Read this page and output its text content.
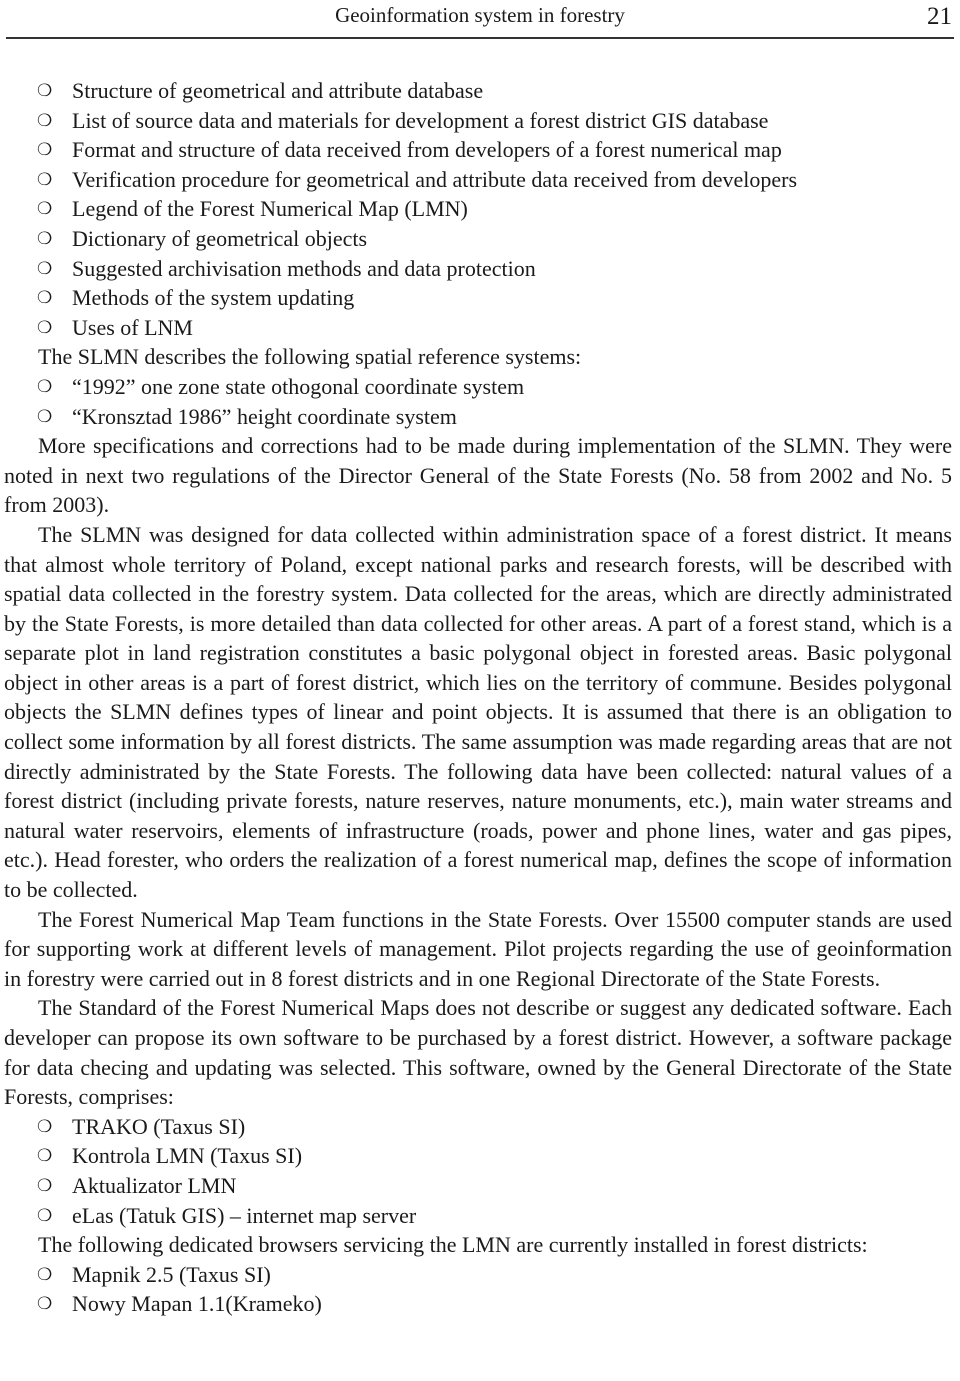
Geoinformation system in forestry	21
❍ Structure of geometrical and attribute database
❍ List of source data and materials for development a forest district GIS database
❍ Format and structure of data received from developers of a forest numerical map
❍ Verification procedure for geometrical and attribute data received from developers
❍ Legend of the Forest Numerical Map (LMN)
❍ Dictionary of geometrical objects
❍ Suggested archivisation methods and data protection
❍ Methods of the system updating
❍ Uses of LNM

The SLMN describes the following spatial reference systems:

❍ “1992” one zone state othogonal coordinate system
❍ “Kronsztad 1986” height coordinate system

More specifications and corrections had to be made during implementation of the SLMN. They were noted in next two regulations of the Director General of the State Forests (No. 58 from 2002 and No. 5 from 2003).

The SLMN was designed for data collected within administration space of a forest district. It means that almost whole territory of Poland, except national parks and research forests, will be described with spatial data collected in the forestry system. Data collected for the areas, which are directly administrated by the State Forests, is more detailed than data collected for other areas. A part of a forest stand, which is a separate plot in land registration constitutes a basic polygonal object in forested areas. Basic polygonal object in other areas is a part of forest district, which lies on the territory of commune. Besides polygonal objects the SLMN defines types of linear and point objects. It is assumed that there is an obligation to collect some information by all forest districts. The same assumption was made regarding areas that are not directly administrated by the State Forests. The following data have been collected: natural values of a forest district (including private forests, nature reserves, nature monuments, etc.), main water streams and natural water reservoirs, elements of infrastructure (roads, power and phone lines, water and gas pipes, etc.). Head forester, who orders the realization of a forest numerical map, defines the scope of information to be collected.

The Forest Numerical Map Team functions in the State Forests. Over 15500 computer stands are used for supporting work at different levels of management. Pilot projects regarding the use of geoinformation in forestry were carried out in 8 forest districts and in one Regional Directorate of the State Forests.

The Standard of the Forest Numerical Maps does not describe or suggest any dedicated software. Each developer can propose its own software to be purchased by a forest district. However, a software package for data checing and updating was selected. This software, owned by the General Directorate of the State Forests, comprises:

❍ TRAKO (Taxus SI)
❍ Kontrola LMN (Taxus SI)
❍ Aktualizator LMN
❍ eLas (Tatuk GIS) – internet map server

The following dedicated browsers servicing the LMN are currently installed in forest districts:

❍ Mapnik 2.5 (Taxus SI)
❍ Nowy Mapan 1.1(Krameko)
